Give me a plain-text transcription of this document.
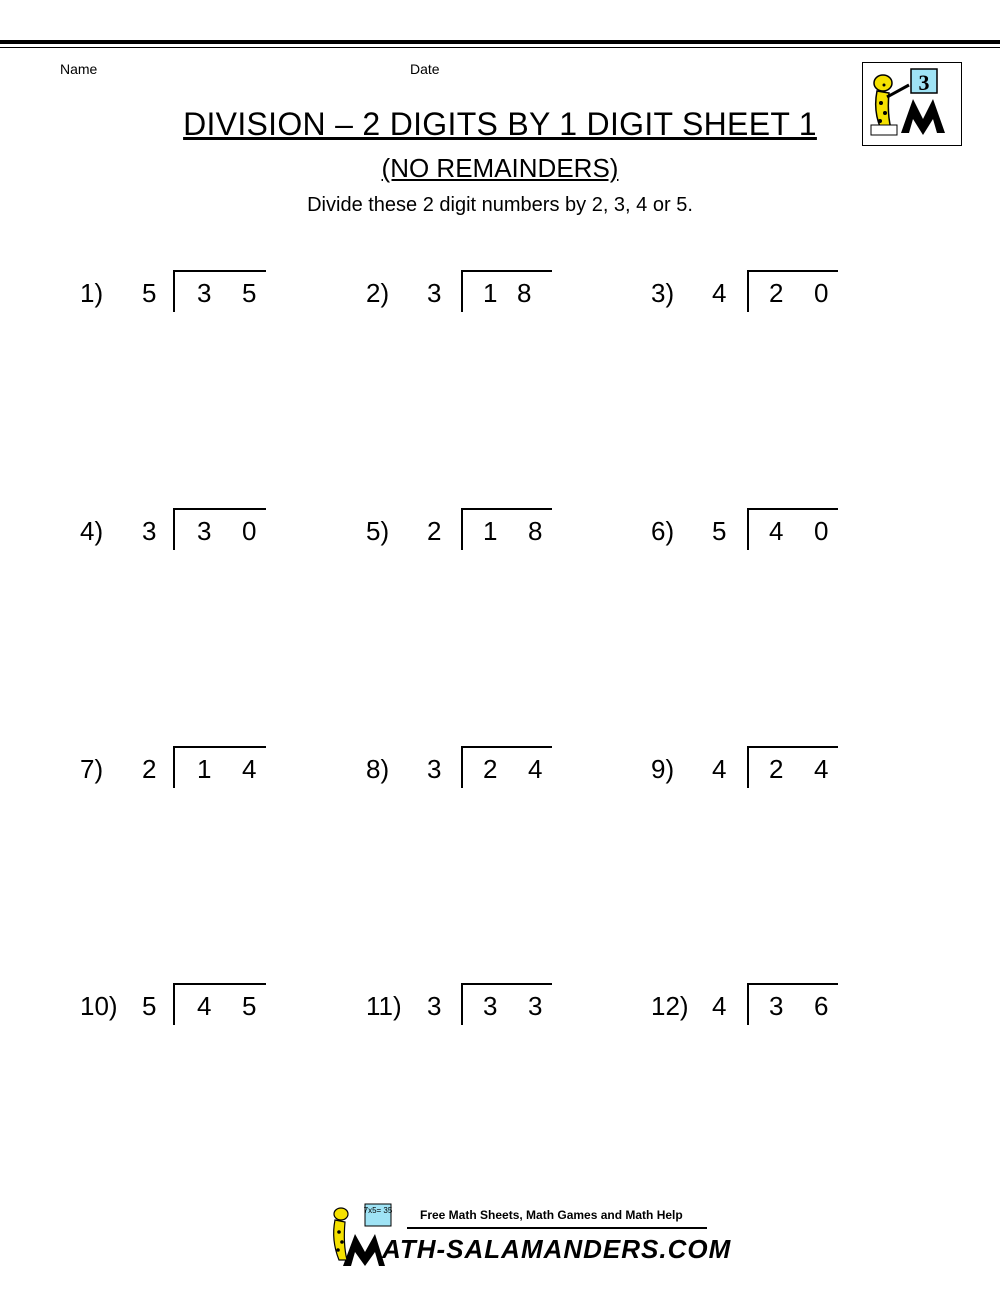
Name	Date
3
DIVISION – 2 DIGITS BY 1 DIGIT SHEET 1
(NO REMAINDERS)
Divide these 2 digit numbers by 2, 3, 4 or 5.
1) 5 3 5	2) 3 1 8	3) 4 2 0
4) 3 3 0	5) 2 1 8	6) 5 4 0
7) 2 1 4	8) 3 2 4	9) 4 2 4
10) 5 4 5	11) 3 3 3	12) 4 3 6
7x5= 35 Free Math Sheets, Math Games and Math Help
ATH-SALAMANDERS.COM
